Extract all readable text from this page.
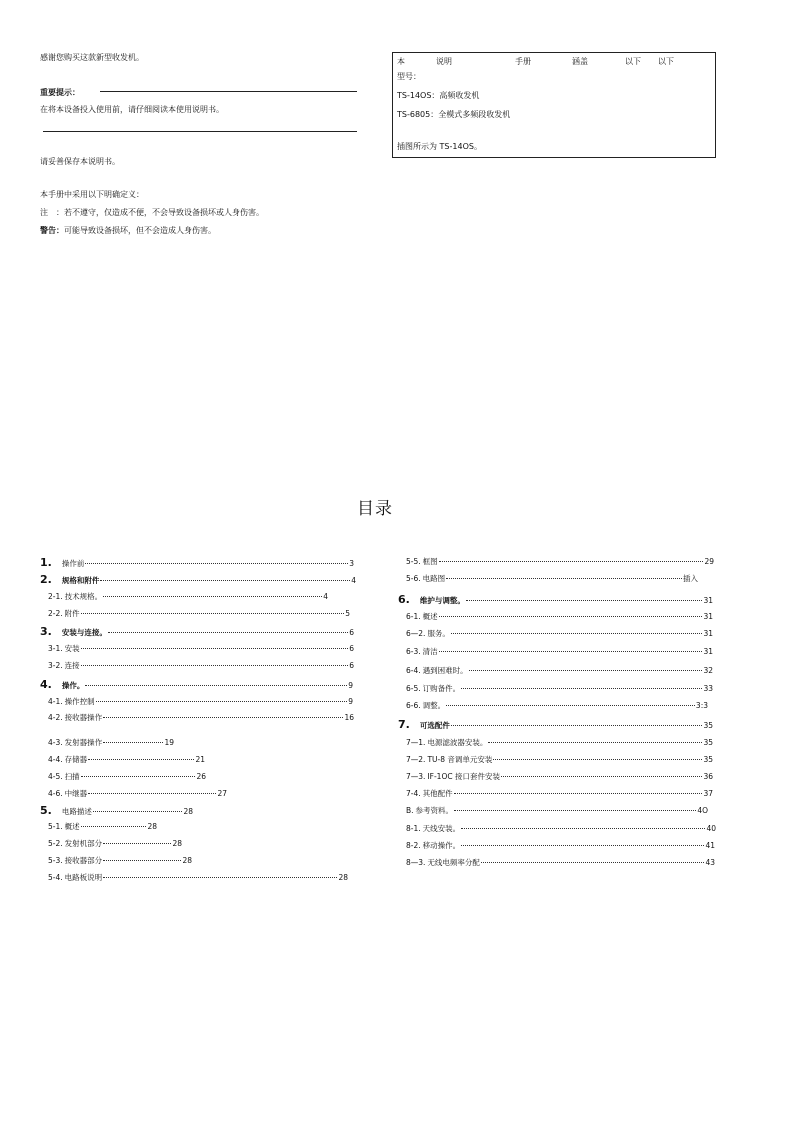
感谢您购买这款新型收发机。
重要提示：
在将本设备投入使用前，请仔细阅读本使用说明书。
请妥善保存本说明书。
本手册中采用以下明确定义：
注　：若不遵守，仅造成不便，不会导致设备损坏或人身伤害。
警告：可能导致设备损坏，但不会造成人身伤害。
本	说明	手册	涵盖	以下 以下
型号：
TS-14OS：高频收发机
TS-6805：全模式多频段收发机
插图所示为 TS-14OS。
目录
1. 操作前	3
2. 规格和附件	4
2-1. 技术规格。	4
2-2. 附件	5
3. 安装与连接。	6
3-1. 安装	6
3-2. 连接	6
4. 操作。	9
4-1. 操作控制	9
4-2. 接收器操作	16
4-3. 发射器操作	19
4-4. 存储器	21
4-5. 扫描	26
4-6. 中继器	27
5. 电路描述	28
5-1. 概述	28
5-2. 发射机部分	28
5-3. 接收器部分	28
5-4. 电路板说明	28
5-5. 框图	29
5-6. 电路图	插入
6. 维护与调整。	31
6-1. 概述	31
6—2. 服务。	31
6-3. 清洁	31
6-4. 遇到困难时。	32
6-5. 订购备件。	33
6-6. 调整。	3:3
7. 可选配件	35
7—1. 电源滤波器安装。	35
7—2. TU-8 音调单元安装	35
7—3. IF-1OC 接口套件安装	36
7-4. 其他配件	37
B. 参考资料。	4O
8-1. 天线安装。	40
8-2. 移动操作。	41
8—3. 无线电频率分配	43
